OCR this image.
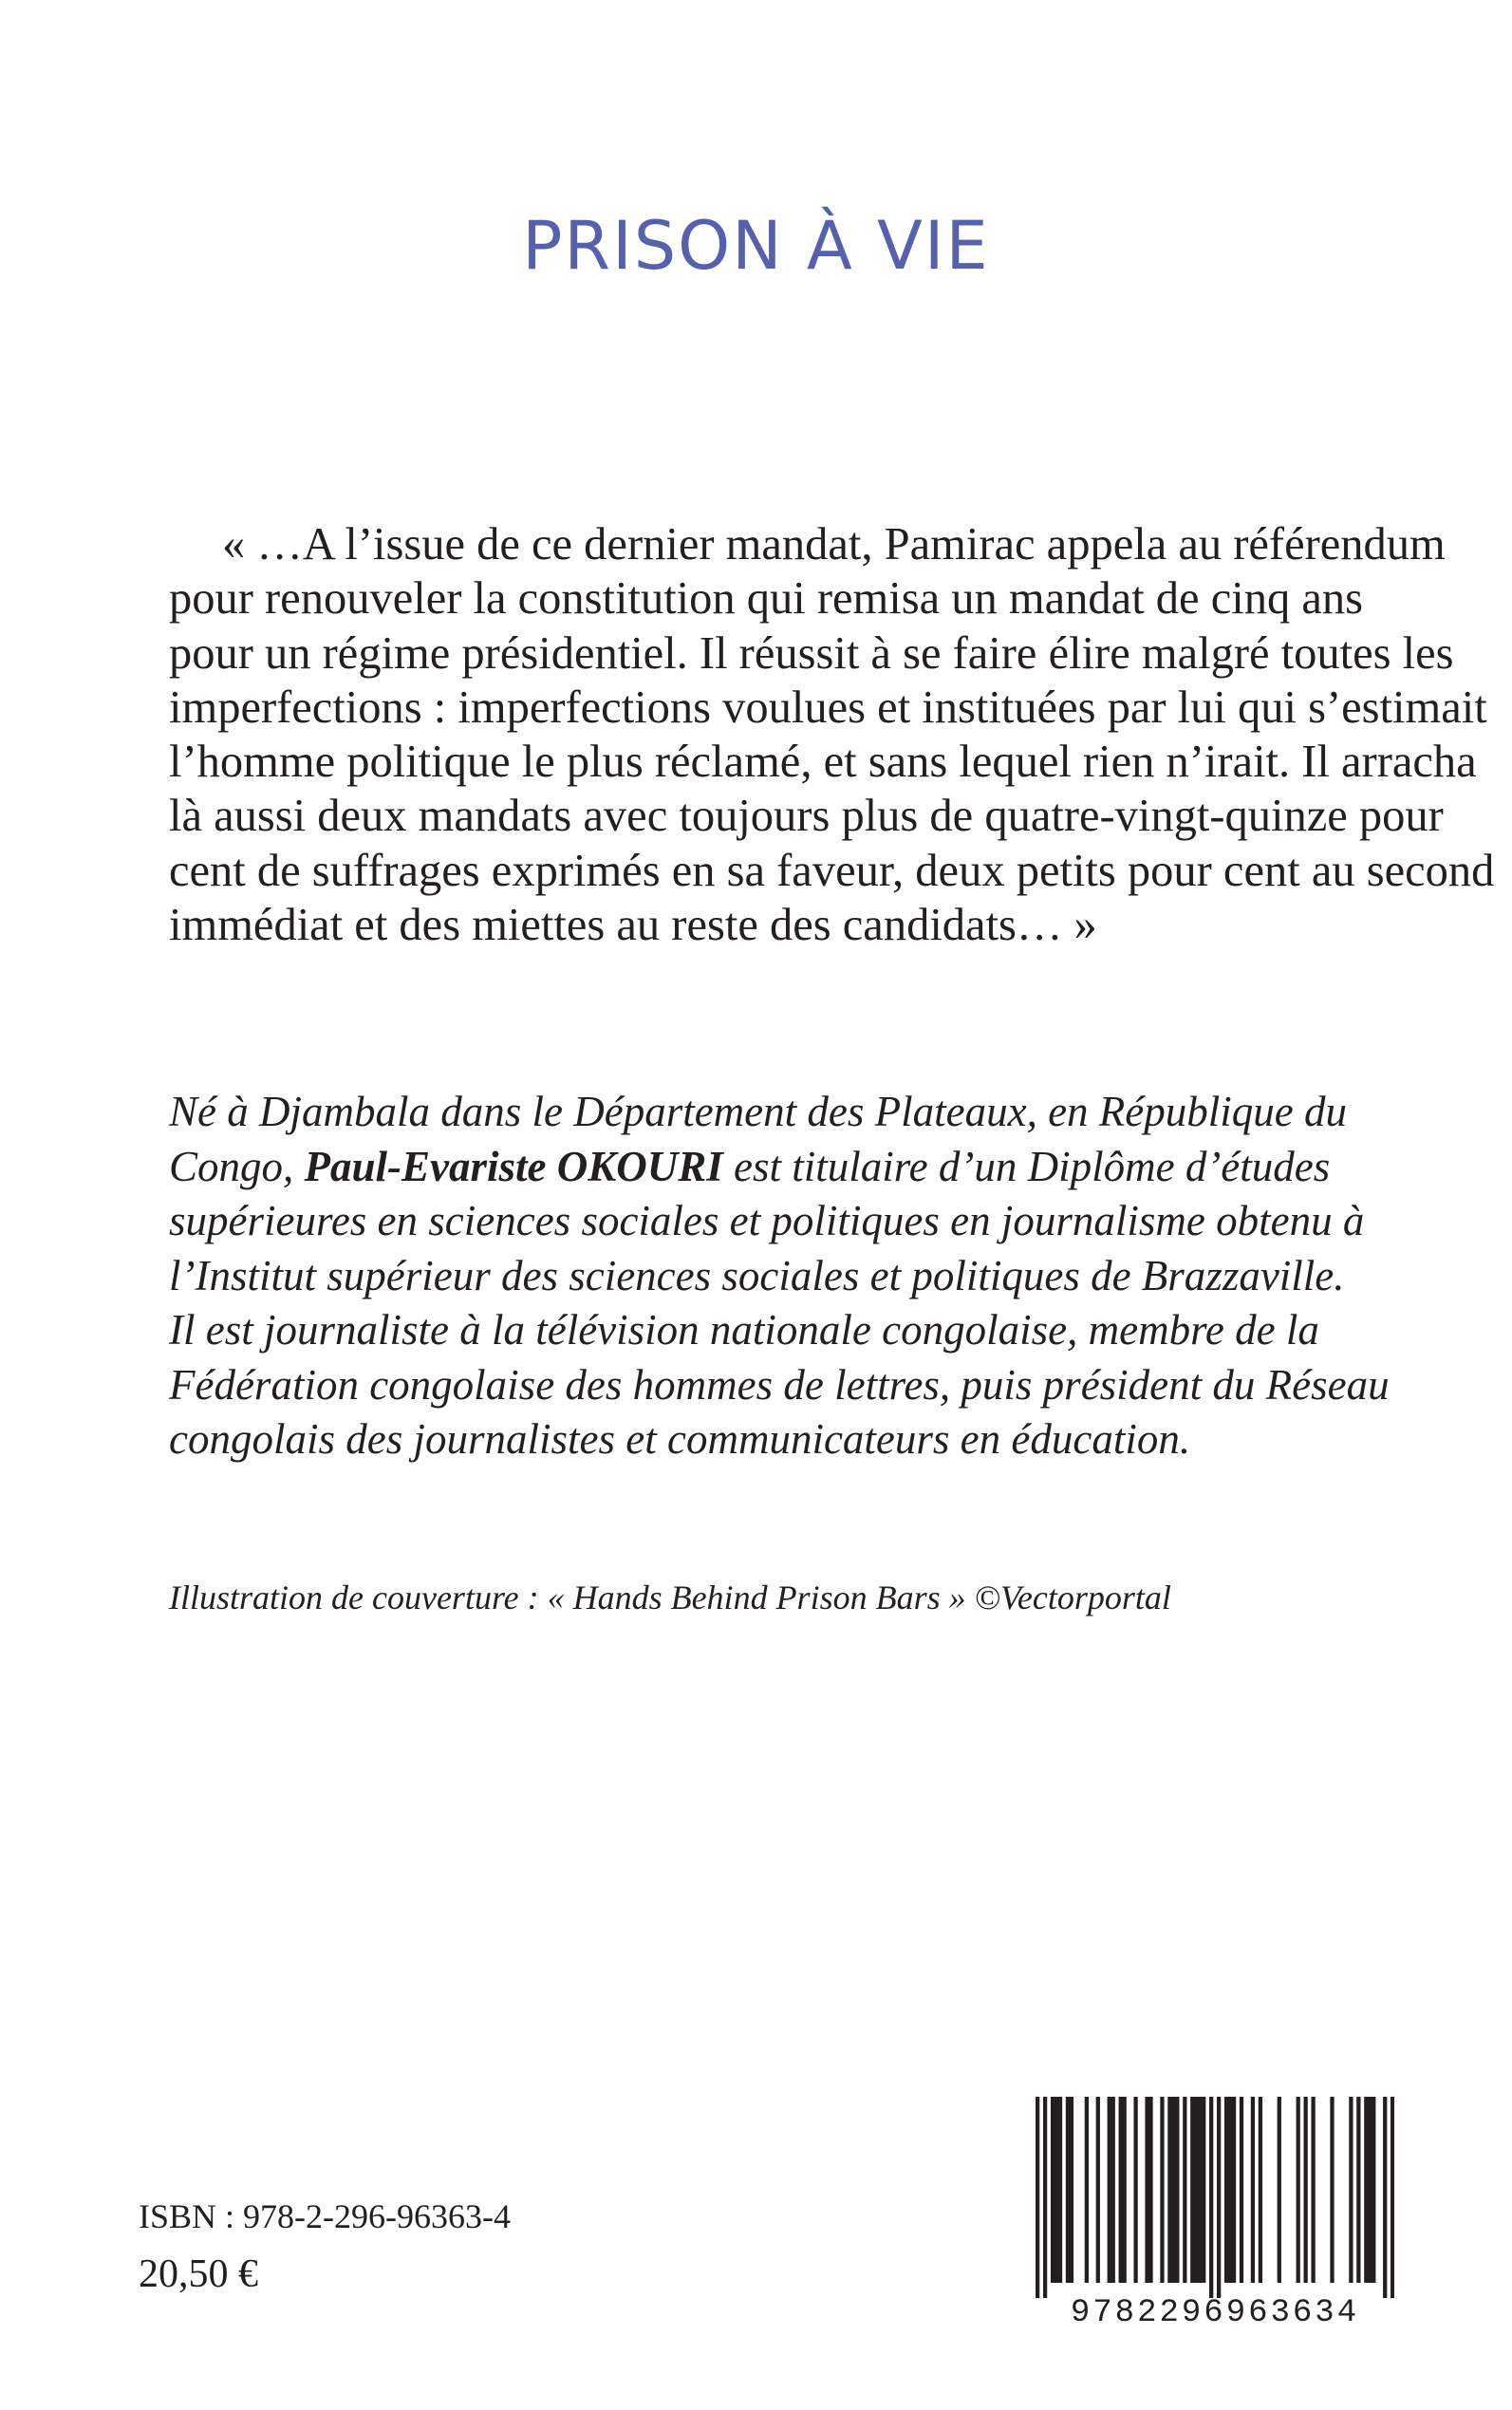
PRISON À VIE
« …A l’issue de ce dernier mandat, Pamirac appela au référendum
pour renouveler la constitution qui remisa un mandat de cinq ans
pour un régime présidentiel. Il réussit à se faire élire malgré toutes les
imperfections : imperfections voulues et instituées par lui qui s’estimait
l’homme politique le plus réclamé, et sans lequel rien n’irait. Il arracha
là aussi deux mandats avec toujours plus de quatre-vingt-quinze pour
cent de suffrages exprimés en sa faveur, deux petits pour cent au second
immédiat et des miettes au reste des candidats… »
Né à Djambala dans le Département des Plateaux, en République du
Congo, Paul-Evariste OKOURI est titulaire d’un Diplôme d’études
supérieures en sciences sociales et politiques en journalisme obtenu à
l’Institut supérieur des sciences sociales et politiques de Brazzaville.
Il est journaliste à la télévision nationale congolaise, membre de la
Fédération congolaise des hommes de lettres, puis président du Réseau
congolais des journalistes et communicateurs en éducation.
Illustration de couverture : « Hands Behind Prison Bars » ©Vectorportal
ISBN : 978-2-296-96363-4
20,50 €
9782296963634
